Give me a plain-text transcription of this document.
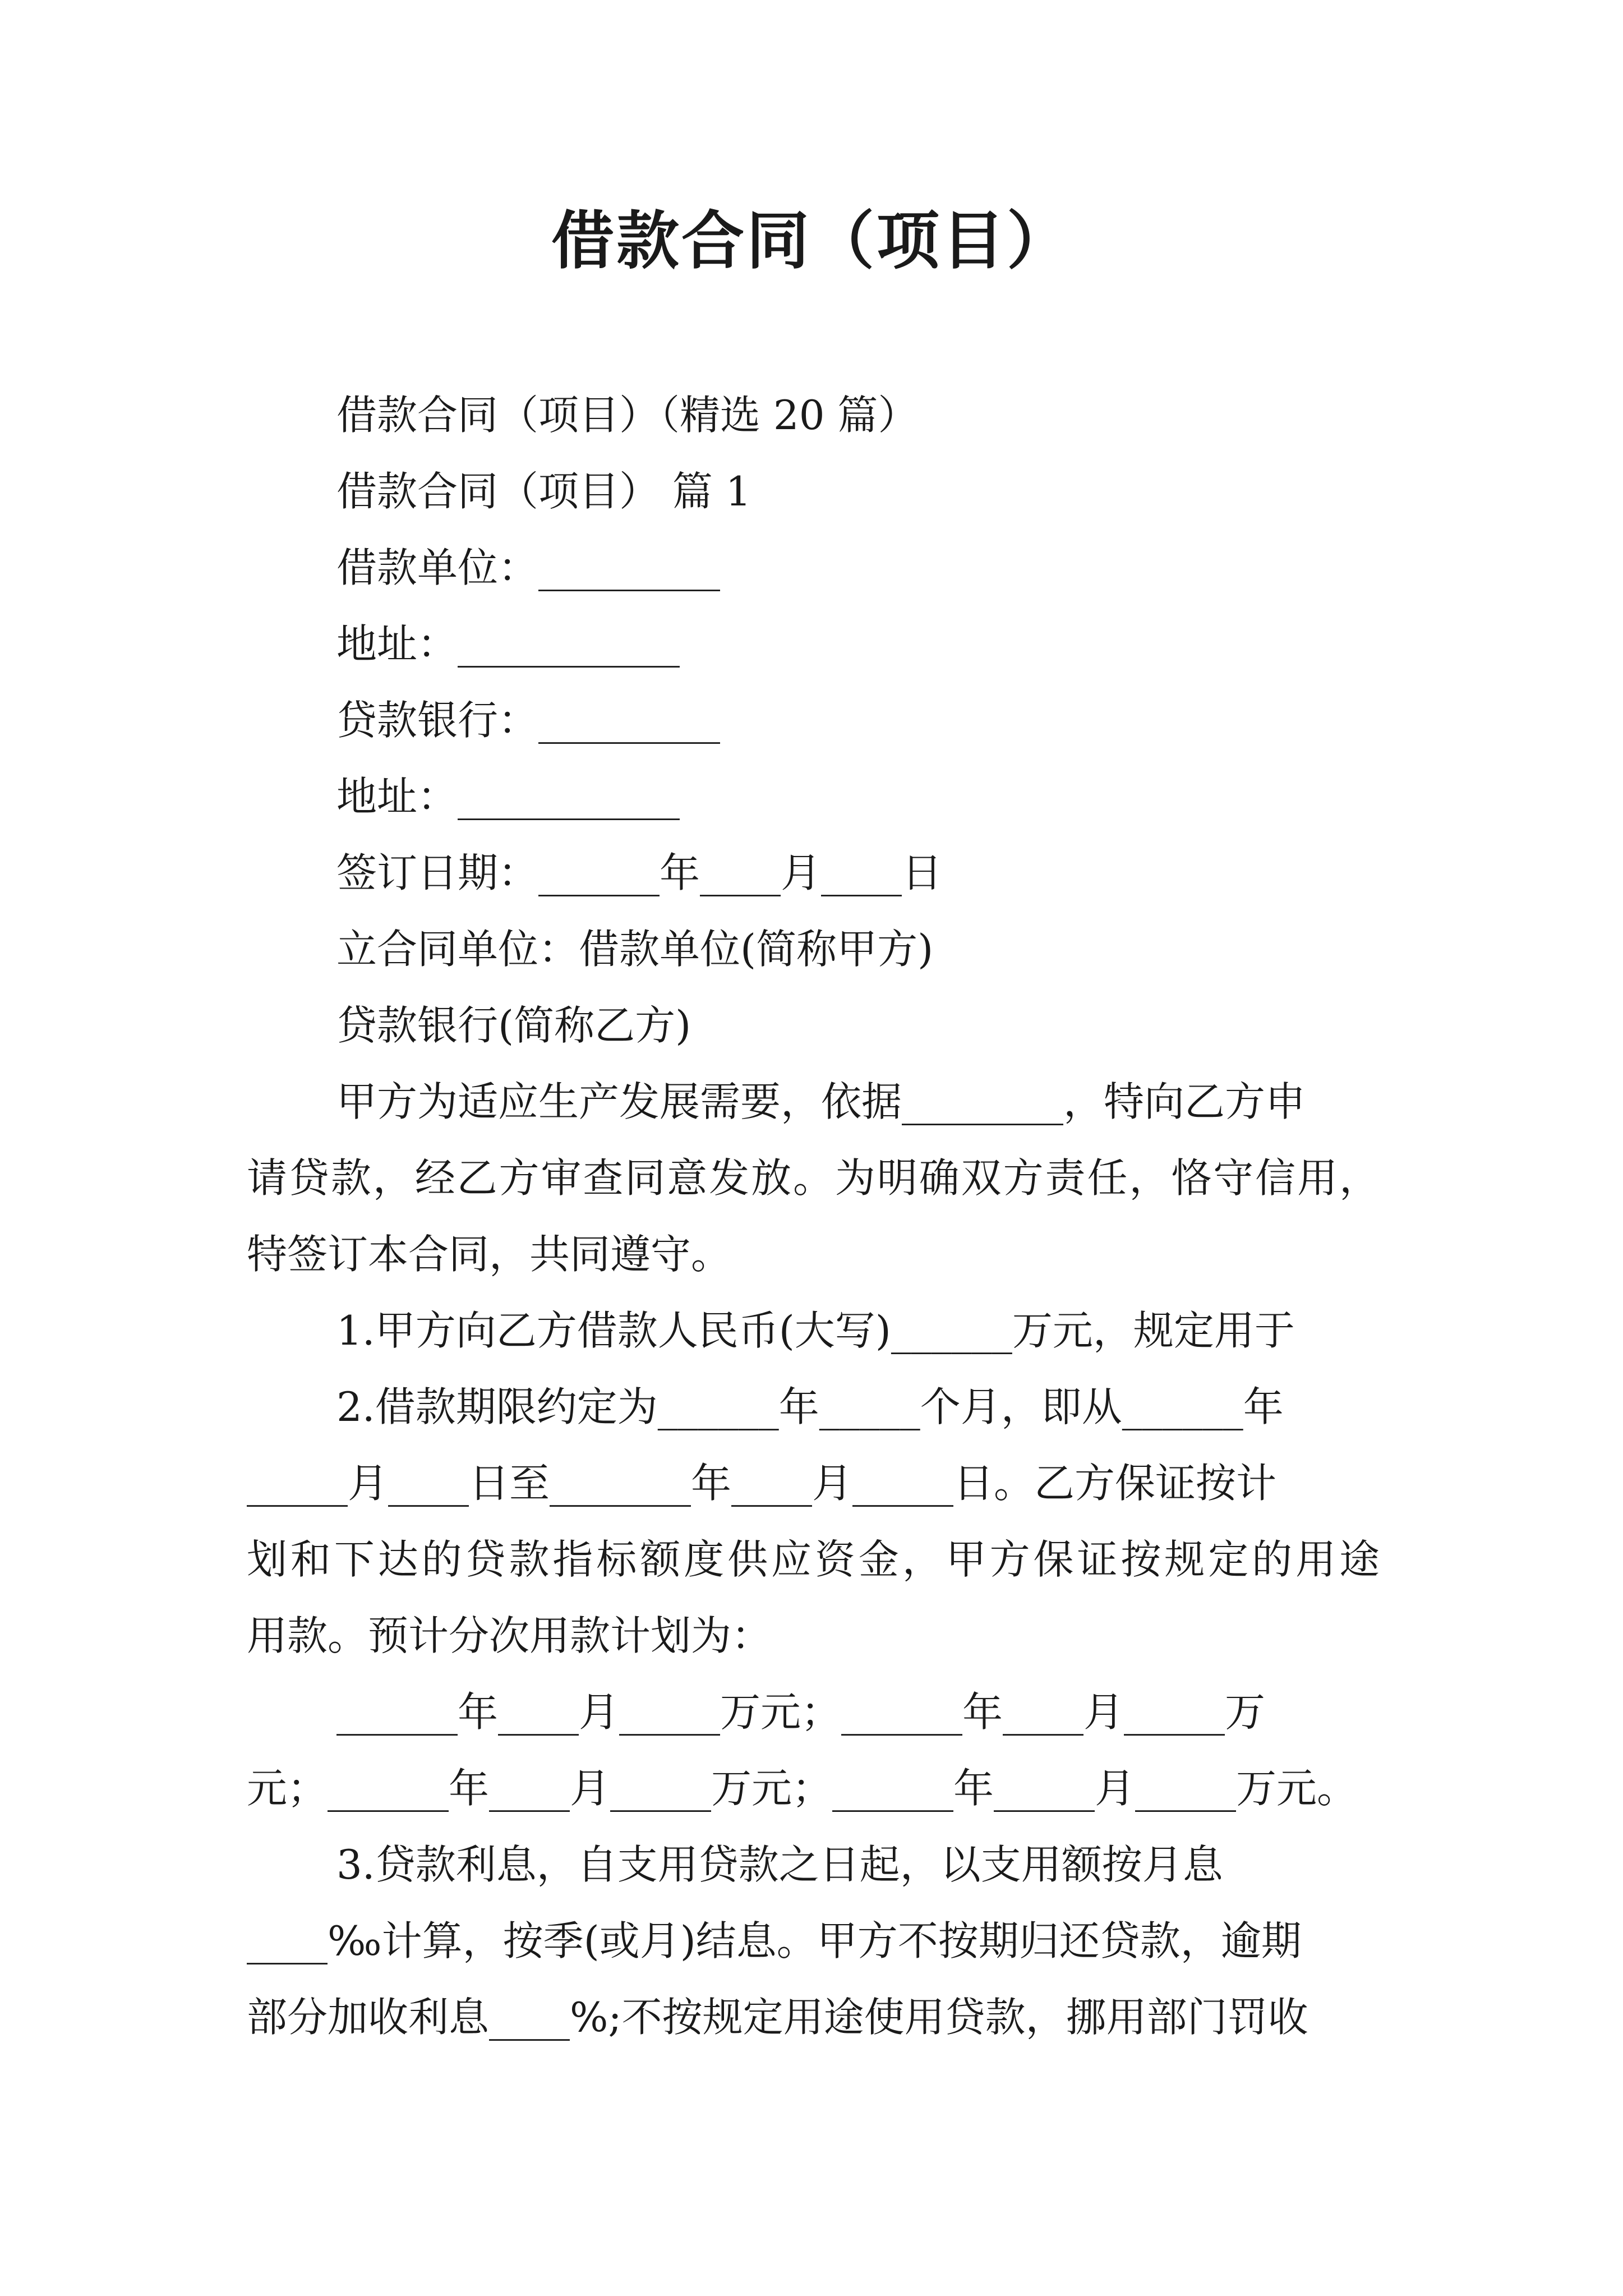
借款合同（项目）

借款合同（项目）（精选 20 篇）

借款合同（项目） 篇 1

借款单位：_________

地址：___________

贷款银行：_________

地址：___________

签订日期：______年____月____日

立合同单位：借款单位(简称甲方)

贷款银行(简称乙方)

甲方为适应生产发展需要，依据________，特向乙方申

请贷款，经乙方审查同意发放。为明确双方责任，恪守信用，

特签订本合同，共同遵守。

1.甲方向乙方借款人民币(大写)______万元，规定用于

2.借款期限约定为______年_____个月，即从______年

_____月____日至_______年____月_____日。乙方保证按计

划和下达的贷款指标额度供应资金，甲方保证按规定的用途

用款。预计分次用款计划为：

______年____月_____万元；______年____月_____万

元；______年____月_____万元；______年_____月_____万元。

3.贷款利息，自支用贷款之日起，以支用额按月息

____‰计算，按季(或月)结息。甲方不按期归还贷款，逾期

部分加收利息____%;不按规定用途使用贷款，挪用部门罚收
